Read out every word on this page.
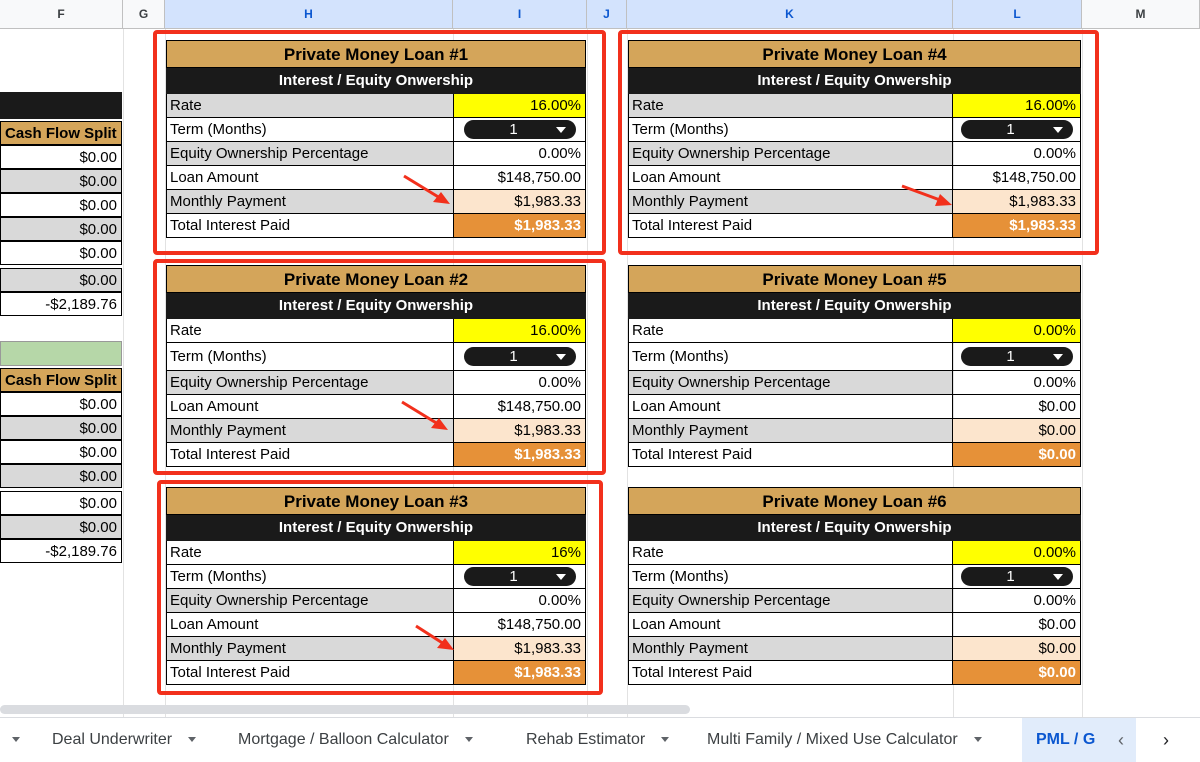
F	G	H	I	J	K	L	M
Cash Flow Split
$0.00
$0.00
$0.00
$0.00
$0.00
$0.00
-$2,189.76
Cash Flow Split
$0.00
$0.00
$0.00
$0.00
$0.00
$0.00
-$2,189.76
Private Money Loan #1
Interest / Equity Onwership
Rate	16.00%
Term (Months)	1
Equity Ownership Percentage	0.00%
Loan Amount	$148,750.00
Monthly Payment	$1,983.33
Total Interest Paid	$1,983.33
Private Money Loan #2
Interest / Equity Onwership
Rate	16.00%
Term (Months)	1
Equity Ownership Percentage	0.00%
Loan Amount	$148,750.00
Monthly Payment	$1,983.33
Total Interest Paid	$1,983.33
Private Money Loan #3
Interest / Equity Onwership
Rate	16%
Term (Months)	1
Equity Ownership Percentage	0.00%
Loan Amount	$148,750.00
Monthly Payment	$1,983.33
Total Interest Paid	$1,983.33
Private Money Loan #4
Interest / Equity Onwership
Rate	16.00%
Term (Months)	1
Equity Ownership Percentage	0.00%
Loan Amount	$148,750.00
Monthly Payment	$1,983.33
Total Interest Paid	$1,983.33
Private Money Loan #5
Interest / Equity Onwership
Rate	0.00%
Term (Months)	1
Equity Ownership Percentage	0.00%
Loan Amount	$0.00
Monthly Payment	$0.00
Total Interest Paid	$0.00
Private Money Loan #6
Interest / Equity Onwership
Rate	0.00%
Term (Months)	1
Equity Ownership Percentage	0.00%
Loan Amount	$0.00
Monthly Payment	$0.00
Total Interest Paid	$0.00
Deal Underwriter	Mortgage / Balloon Calculator	Rehab Estimator	Multi Family / Mixed Use Calculator	PML / G	‹ ›
